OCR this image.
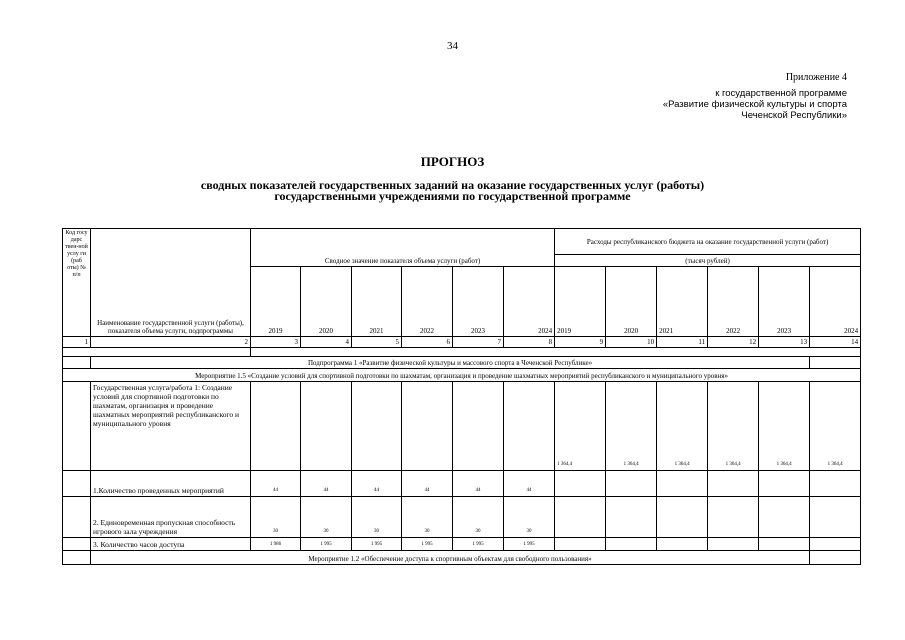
34
Приложение 4
к государственной программе
«Развитие физической культуры и спорта
Чеченской Республики»
ПРОГНОЗ
сводных показателей государственных заданий на оказание государственных услуг (работы)
государственными учреждениями по государственной программе
Код госу дарс твен-ной услу ги (раб оты) № п/п	Наименование государственной услуги (работы), показателя объема услуги, подпрограммы	Сводное значение показателя объема услуги (работ)						Расходы республиканского бюджета на оказание государственной услуги (работ)					
								(тысяч рублей)					
		2019	2020	2021	2022	2023	2024	2019	2020	2021	2022	2023	2024
1	2	3	4	5	6	7	8	9	10	11	12	13	14

	Подпрограмма 1 «Развитие физической культуры и массового спорта в Чеченской Республике»												
Мероприятие 1.5 «Создание условий для спортивной подготовки по шахматам, организация и проведение шахматных мероприятий республиканского и муниципального уровня»													
	Государственная услуга/работа 1: Создание условий для спортивной подготовки по шахматам, организация и проведение шахматных мероприятий республиканского и муниципального уровня							1 364,4	1 364,4	1 364,4	1 364,4	1 364,4	1 364,4
	1.Количество проведенных мероприятий	44	44	44	44	44	44						
	2. Единовременная пропускная способность игрового зала учреждения	30	30	30	30	30	30						
	3. Количество часов доступа	1 986	1 995	1 995	1 995	1 995	1 995						
	Мероприятие 1.2 «Обеспечение доступа к спортивным объектам для свободного пользования»												
